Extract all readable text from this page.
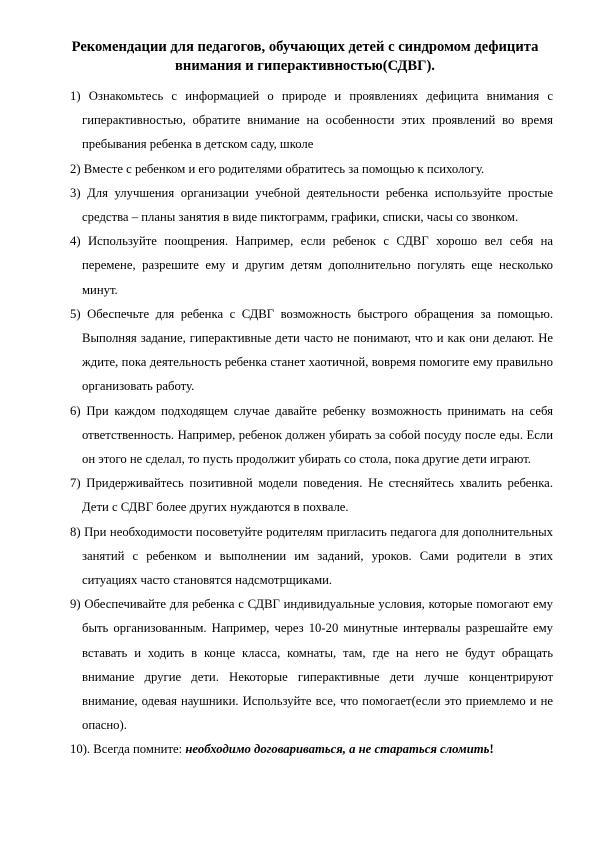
Рекомендации для педагогов, обучающих детей с синдромом дефицита внимания и гиперактивностью(СДВГ).
1) Ознакомьтесь с информацией о природе и проявлениях дефицита внимания с гиперактивностью, обратите внимание на особенности этих проявлений во время пребывания ребенка в детском саду, школе
2) Вместе с ребенком и его родителями обратитесь за помощью к психологу.
3) Для улучшения организации учебной деятельности ребенка используйте простые средства – планы занятия в виде пиктограмм, графики, списки, часы со звонком.
4) Используйте поощрения. Например, если ребенок с СДВГ хорошо вел себя на перемене, разрешите ему и другим детям дополнительно погулять еще несколько минут.
5) Обеспечьте для ребенка с СДВГ возможность быстрого обращения за помощью. Выполняя задание, гиперактивные дети часто не понимают, что и как они делают. Не ждите, пока деятельность ребенка станет хаотичной, вовремя помогите ему правильно организовать работу.
6) При каждом подходящем случае давайте ребенку возможность принимать на себя ответственность. Например, ребенок должен убирать за собой посуду после еды. Если он этого не сделал, то пусть продолжит убирать со стола, пока другие дети играют.
7) Придерживайтесь позитивной модели поведения. Не стесняйтесь хвалить ребенка. Дети с СДВГ более других нуждаются в похвале.
8) При необходимости посоветуйте родителям пригласить педагога для дополнительных занятий с ребенком и выполнении им заданий, уроков. Сами родители в этих ситуациях часто становятся надсмотрщиками.
9) Обеспечивайте для ребенка с СДВГ индивидуальные условия, которые помогают ему быть организованным. Например, через 10-20 минутные интервалы разрешайте ему вставать и ходить в конце класса, комнаты, там, где на него не будут обращать внимание другие дети. Некоторые гиперактивные дети лучше концентрируют внимание, одевая наушники. Используйте все, что помогает(если это приемлемо и не опасно).
10). Всегда помните: необходимо договариваться, а не стараться сломить!
